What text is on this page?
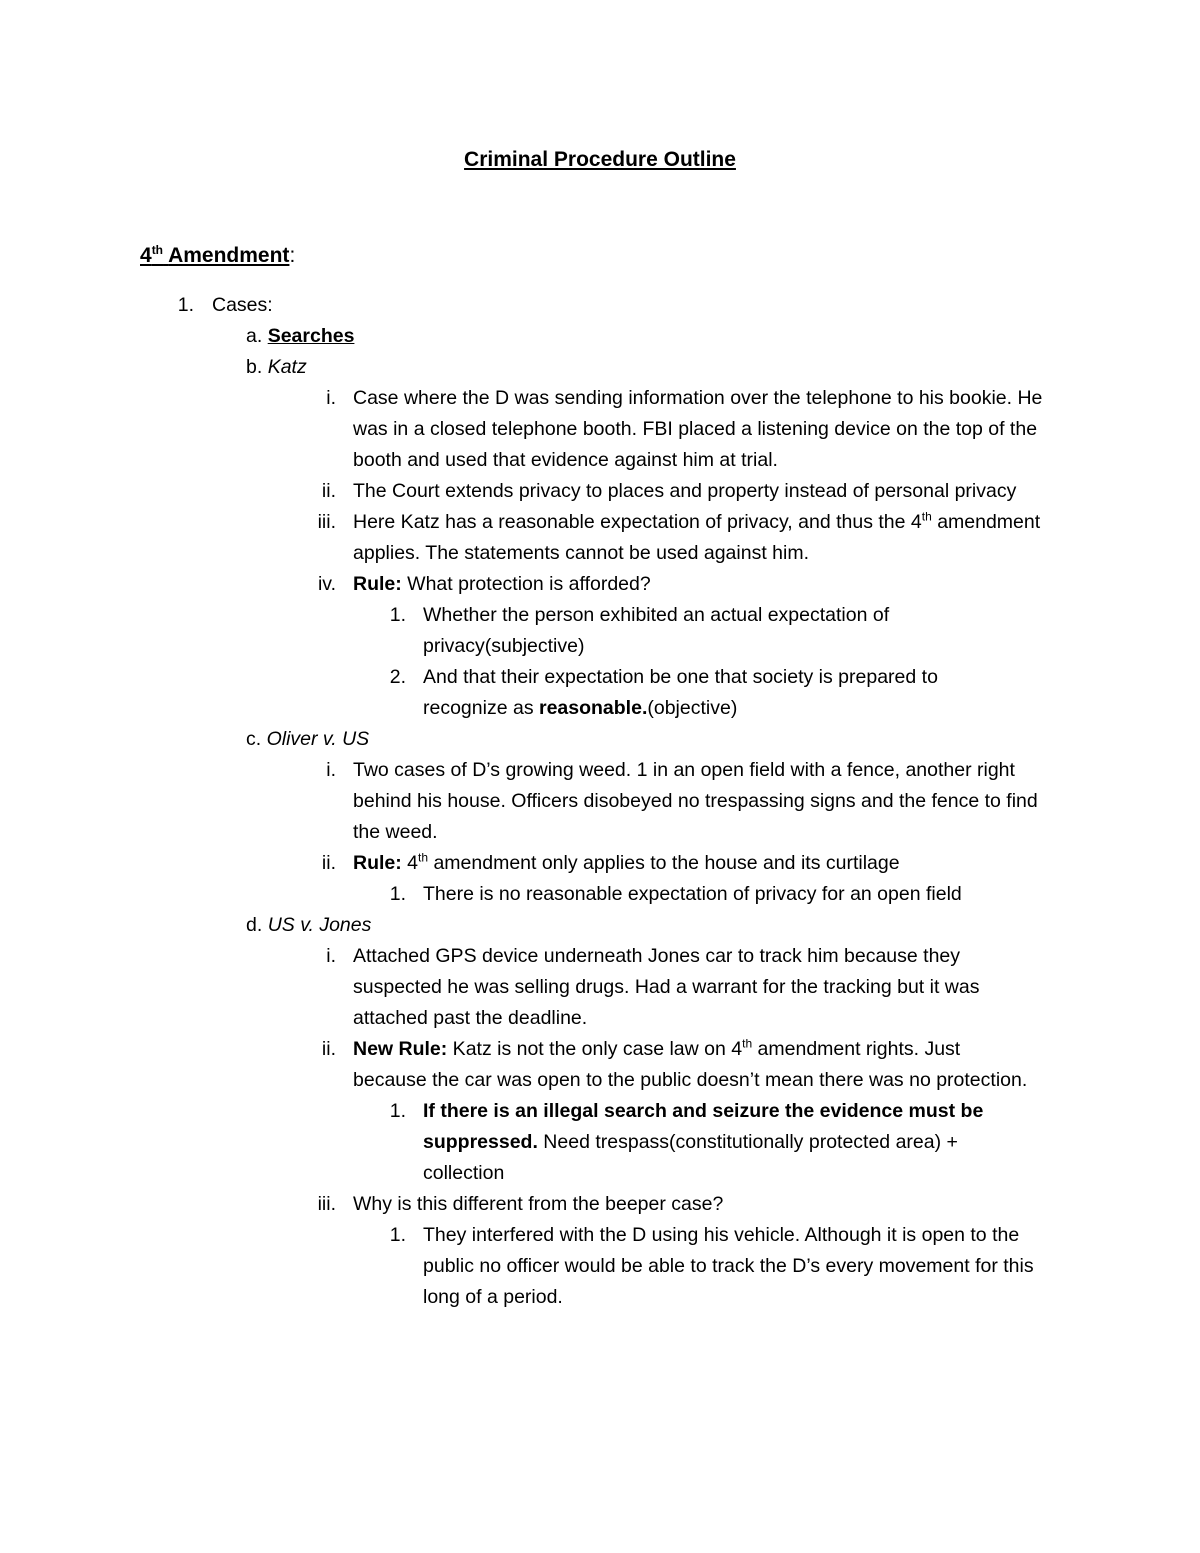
Criminal Procedure Outline
4th Amendment:
1. Cases:
a. Searches
b. Katz
i. Case where the D was sending information over the telephone to his bookie. He was in a closed telephone booth. FBI placed a listening device on the top of the booth and used that evidence against him at trial.
ii. The Court extends privacy to places and property instead of personal privacy
iii. Here Katz has a reasonable expectation of privacy, and thus the 4th amendment applies. The statements cannot be used against him.
iv. Rule: What protection is afforded?
1. Whether the person exhibited an actual expectation of privacy(subjective)
2. And that their expectation be one that society is prepared to recognize as reasonable.(objective)
c. Oliver v. US
i. Two cases of D’s growing weed. 1 in an open field with a fence, another right behind his house. Officers disobeyed no trespassing signs and the fence to find the weed.
ii. Rule: 4th amendment only applies to the house and its curtilage
1. There is no reasonable expectation of privacy for an open field
d. US v. Jones
i. Attached GPS device underneath Jones car to track him because they suspected he was selling drugs. Had a warrant for the tracking but it was attached past the deadline.
ii. New Rule: Katz is not the only case law on 4th amendment rights. Just because the car was open to the public doesn’t mean there was no protection.
1. If there is an illegal search and seizure the evidence must be suppressed. Need trespass(constitutionally protected area) + collection
iii. Why is this different from the beeper case?
1. They interfered with the D using his vehicle. Although it is open to the public no officer would be able to track the D’s every movement for this long of a period.
